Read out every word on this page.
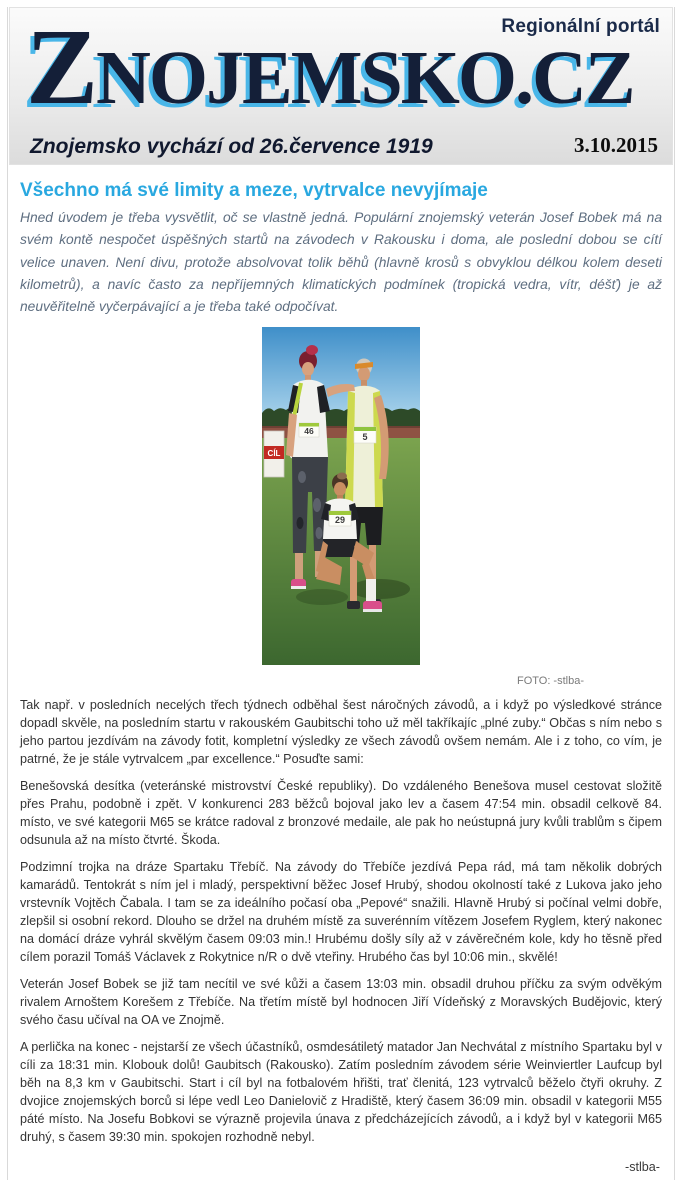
Regionální portál
ZNOJEMSKO.CZ
Znojemsko vychází od 26.července 1919	3.10.2015
Všechno má své limity a meze, vytrvalce nevyjímaje

Hned úvodem je třeba vysvětlit, oč se vlastně jedná. Populární znojemský veterán Josef Bobek má na svém kontě nespočet úspěšných startů na závodech v Rakousku i doma, ale poslední dobou se cítí velice unaven. Není divu, protože absolvovat tolik běhů (hlavně krosů s obvyklou délkou kolem deseti kilometrů), a navíc často za nepříjemných klimatických podmínek (tropická vedra, vítr, déšť) je až neuvěřitelně vyčerpávající a je třeba také odpočívat.

CÍL
5
46
29
FOTO: -stlba-

Tak např. v posledních necelých třech týdnech odběhal šest náročných závodů, a i když po výsledkové stránce dopadl skvěle, na posledním startu v rakouském Gaubitschi toho už měl takříkajíc „plné zuby.“ Občas s ním nebo s jeho partou jezdívám na závody fotit, kompletní výsledky ze všech závodů ovšem nemám. Ale i z toho, co vím, je patrné, že je stále vytrvalcem „par excellence.“ Posuďte sami:

Benešovská desítka (veteránské mistrovství České republiky). Do vzdáleného Benešova musel cestovat složitě přes Prahu, podobně i zpět. V konkurenci 283 běžců bojoval jako lev a časem 47:54 min. obsadil celkově 84. místo, ve své kategorii M65 se krátce radoval z bronzové medaile, ale pak ho neústupná jury kvůli trablům s čipem odsunula až na místo čtvrté. Škoda.

Podzimní trojka na dráze Spartaku Třebíč. Na závody do Třebíče jezdívá Pepa rád, má tam několik dobrých kamarádů. Tentokrát s ním jel i mladý, perspektivní běžec Josef Hrubý, shodou okolností také z Lukova jako jeho vrstevník Vojtěch Čabala. I tam se za ideálního počasí oba „Pepové“ snažili. Hlavně Hrubý si počínal velmi dobře, zlepšil si osobní rekord. Dlouho se držel na druhém místě za suverénním vítězem Josefem Ryglem, který nakonec na domácí dráze vyhrál skvělým časem 09:03 min.! Hrubému došly síly až v závěrečném kole, kdy ho těsně před cílem porazil Tomáš Václavek z Rokytnice n/R o dvě vteřiny. Hrubého čas byl 10:06 min., skvělé!

Veterán Josef Bobek se již tam necítil ve své kůži a časem 13:03 min. obsadil druhou příčku za svým odvěkým rivalem Arnoštem Korešem z Třebíče. Na třetím místě byl hodnocen Jiří Vídeňský z Moravských Budějovic, který svého času učíval na OA ve Znojmě.

A perlička na konec - nejstarší ze všech účastníků, osmdesátiletý matador Jan Nechvátal z místního Spartaku byl v cíli za 18:31 min. Klobouk dolů! Gaubitsch (Rakousko). Zatím posledním závodem série Weinviertler Laufcup byl běh na 8,3 km v Gaubitschi. Start i cíl byl na fotbalovém hřišti, trať členitá, 123 vytrvalců běželo čtyři okruhy. Z dvojice znojemských borců si lépe vedl Leo Danielovič z Hradiště, který časem 36:09 min. obsadil v kategorii M55 páté místo. Na Josefu Bobkovi se výrazně projevila únava z předcházejících závodů, a i když byl v kategorii M65 druhý, s časem 39:30 min. spokojen rozhodně nebyl.

-stlba-
